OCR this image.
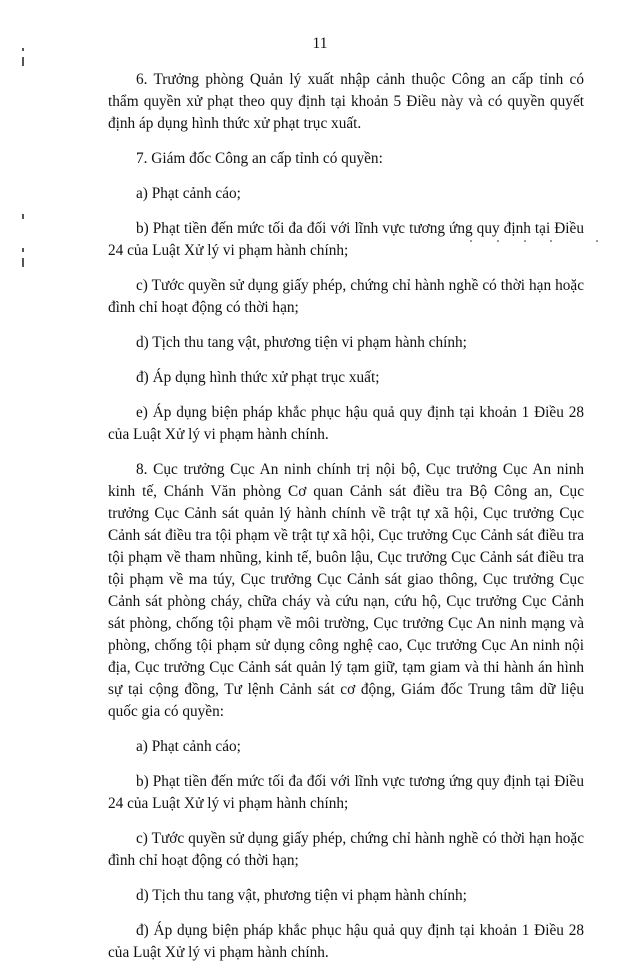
11

6. Trưởng phòng Quản lý xuất nhập cảnh thuộc Công an cấp tỉnh có thẩm quyền xử phạt theo quy định tại khoản 5 Điều này và có quyền quyết định áp dụng hình thức xử phạt trục xuất.

7. Giám đốc Công an cấp tỉnh có quyền:

a) Phạt cảnh cáo;

b) Phạt tiền đến mức tối đa đối với lĩnh vực tương ứng quy định tại Điều 24 của Luật Xử lý vi phạm hành chính;

c) Tước quyền sử dụng giấy phép, chứng chỉ hành nghề có thời hạn hoặc đình chỉ hoạt động có thời hạn;

d) Tịch thu tang vật, phương tiện vi phạm hành chính;

đ) Áp dụng hình thức xử phạt trục xuất;

e) Áp dụng biện pháp khắc phục hậu quả quy định tại khoản 1 Điều 28 của Luật Xử lý vi phạm hành chính.

8. Cục trưởng Cục An ninh chính trị nội bộ, Cục trưởng Cục An ninh kinh tế, Chánh Văn phòng Cơ quan Cảnh sát điều tra Bộ Công an, Cục trưởng Cục Cảnh sát quản lý hành chính về trật tự xã hội, Cục trưởng Cục Cảnh sát điều tra tội phạm về trật tự xã hội, Cục trưởng Cục Cảnh sát điều tra tội phạm về tham nhũng, kinh tế, buôn lậu, Cục trưởng Cục Cảnh sát điều tra tội phạm về ma túy, Cục trưởng Cục Cảnh sát giao thông, Cục trưởng Cục Cảnh sát phòng cháy, chữa cháy và cứu nạn, cứu hộ, Cục trưởng Cục Cảnh sát phòng, chống tội phạm về môi trường, Cục trưởng Cục An ninh mạng và phòng, chống tội phạm sử dụng công nghệ cao, Cục trưởng Cục An ninh nội địa, Cục trưởng Cục Cảnh sát quản lý tạm giữ, tạm giam và thi hành án hình sự tại cộng đồng, Tư lệnh Cảnh sát cơ động, Giám đốc Trung tâm dữ liệu quốc gia có quyền:

a) Phạt cảnh cáo;

b) Phạt tiền đến mức tối đa đối với lĩnh vực tương ứng quy định tại Điều 24 của Luật Xử lý vi phạm hành chính;

c) Tước quyền sử dụng giấy phép, chứng chỉ hành nghề có thời hạn hoặc đình chỉ hoạt động có thời hạn;

d) Tịch thu tang vật, phương tiện vi phạm hành chính;

đ) Áp dụng biện pháp khắc phục hậu quả quy định tại khoản 1 Điều 28 của Luật Xử lý vi phạm hành chính.
